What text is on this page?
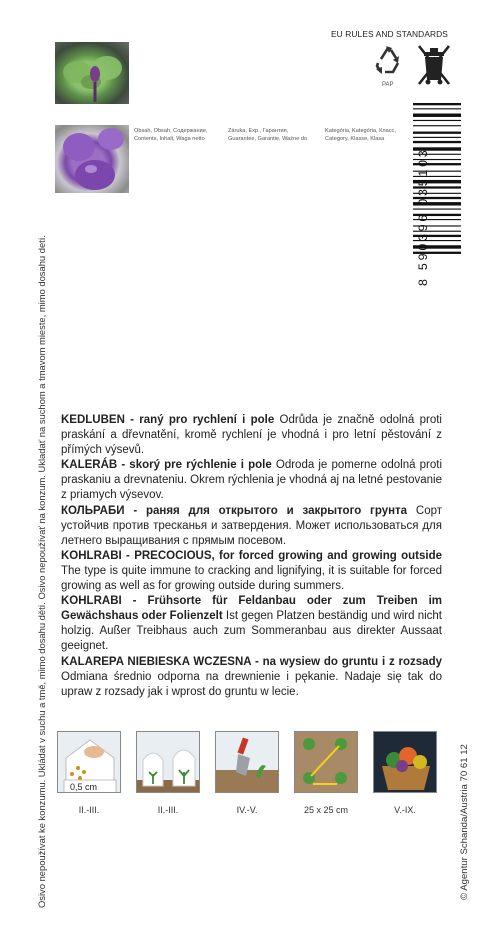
Osivo nepoužívat ke konzumu. Ukládat v suchu a tmě, mimo dosahu dětí. Osivo nepoužívať na konzum. Ukladať na suchom a tmavom mieste, mimo dosahu detí.	© Agentur Schanda/Austria 70 61 12
Obsah, Obsah, Содержание,
Contents, Inhalt, Waga netto
Záruka, Exp., Гарантия,
Guarantee, Garantie, Ważne do
Kategória, Kategória, Класс,
Category, Klasse, Klasa
EU RULES AND STANDARDS
PAP
8 590396 035103

KEDLUBEN - raný pro rychlení i pole Odrůda je značně odolná proti praskání a dřevnatění, kromě rychlení je vhodná i pro letní pěstování z přímých výsevů.

KALERÁB - skorý pre rýchlenie i pole Odroda je pomerne odolná proti praskaniu a drevnateniu. Okrem rýchlenia je vhodná aj na letné pestovanie z priamych výsevov.

КОЛЬРАБИ - раняя для открытого и закрытого грунта Сорт устойчив против тресканья и затвердения. Может использоваться для летнего выращивания с прямым посевом.

KOHLRABI - PRECOCIOUS, for forced growing and growing outside The type is quite immune to cracking and lignifying, it is suitable for forced growing as well as for growing outside during summers.

KOHLRABI - Frühsorte für Feldanbau oder zum Treiben im Gewächshaus oder Folienzelt Ist gegen Platzen beständig und wird nicht holzig. Außer Treibhaus auch zum Sommeranbau aus direkter Aussaat geeignet.

KALAREPA NIEBIESKA WCZESNA - na wysiew do gruntu i z rozsady Odmiana średnio odporna na drewnienie i pękanie. Nadaje się tak do upraw z rozsady jak i wprost do gruntu w lecie.

0,5 cm
II.-III.	II.-III.	IV.-V.	25 x 25 cm	V.-IX.
